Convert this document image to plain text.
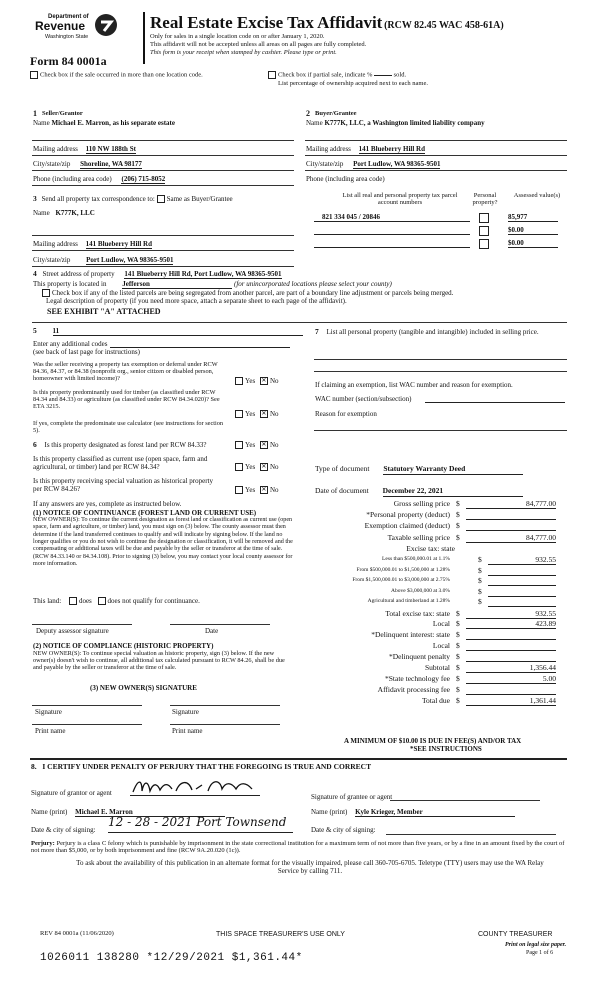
Department of
Revenue
Washington State
Real Estate Excise Tax Affidavit (RCW 82.45 WAC 458-61A)
Only for sales in a single location code on or after January 1, 2020.
This affidavit will not be accepted unless all areas on all pages are fully completed.
This form is your receipt when stamped by cashier. Please type or print.
Form 84 0001a
Check box if the sale occurred in more than one location code.	Check box if partial sale, indicate %	sold.
List percentage of ownership acquired next to each name.
1 Seller/Grantor
Name Michael E. Marron, as his separate estate
Mailing address 110 NW 188th St
City/state/zip Shoreline, WA 98177
Phone (including area code) (206) 715-8052
2 Buyer/Grantee
Name K777K, LLC, a Washington limited liability company
Mailing address 141 Blueberry Hill Rd
City/state/zip Port Ludlow, WA 98365-9501
Phone (including area code)
3 Send all property tax correspondence to: Same as Buyer/Grantee
Name K777K, LLC
Mailing address 141 Blueberry Hill Rd
City/state/zip Port Ludlow, WA 98365-9501
List all real and personal property tax parcel account numbers
Personal property?
Assessed value(s)
821 334 045 / 20846	85,977
$0.00
$0.00
4 Street address of property 141 Blueberry Hill Rd, Port Ludlow, WA 98365-9501
This property is located in Jefferson	(for unincorporated locations please select your county)
Check box if any of the listed parcels are being segregated from another parcel, are part of a boundary line adjustment or parcels being merged.
Legal description of property (if you need more space, attach a separate sheet to each page of the affidavit).
SEE EXHIBIT "A" ATTACHED
5 11
Enter any additional codes
(see back of last page for instructions)
Was the seller receiving a property tax exemption or deferral under RCW 84.36, 84.37, or 84.38 (nonprofit org., senior citizen or disabled person, homeowner with limited income)?	Yes ✕ No
Is this property predominantly used for timber (as classified under RCW 84.34 and 84.33) or agriculture (as classified under RCW 84.34.020)? See ETA 3215.
Yes ✕ No
If yes, complete the predominate use calculator (see instructions for section 5).
6 Is this property designated as forest land per RCW 84.33?	Yes ✕ No
Is this property classified as current use (open space, farm and agricultural, or timber) land per RCW 84.34?	Yes ✕ No
Is this property receiving special valuation as historical property per RCW 84.26?	Yes ✕ No
If any answers are yes, complete as instructed below.
(1) NOTICE OF CONTINUANCE (FOREST LAND OR CURRENT USE)
NEW OWNER(S): To continue the current designation as forest land or classification as current use (open space, farm and agriculture, or timber) land, you must sign on (3) below. The county assessor must then determine if the land transferred continues to qualify and will indicate by signing below. If the land no longer qualifies or you do not wish to continue the designation or classification, it will be removed and the compensating or additional taxes will be due and payable by the seller or transferor at the time of sale. (RCW 84.33.140 or 84.34.108). Prior to signing (3) below, you may contact your local county assessor for more information.
This land:	does does not qualify for continuance.
Deputy assessor signature	Date
(2) NOTICE OF COMPLIANCE (HISTORIC PROPERTY)
NEW OWNER(S): To continue special valuation as historic property, sign (3) below. If the new owner(s) doesn't wish to continue, all additional tax calculated pursuant to RCW 84.26, shall be due and payable by the seller or transferor at the time of sale.
(3) NEW OWNER(S) SIGNATURE
Signature	Signature
Print name	Print name
7 List all personal property (tangible and intangible) included in selling price.
If claiming an exemption, list WAC number and reason for exemption.
WAC number (section/subsection)
Reason for exemption
Type of document Statutory Warranty Deed
Date of document December 22, 2021
Gross selling price $	84,777.00
*Personal property (deduct) $
Exemption claimed (deduct) $
Taxable selling price $	84,777.00
Excise tax: state
Less than $500,000.01 at 1.1%	$	932.55
From $500,000.01 to $1,500,000 at 1.28%	$
From $1,500,000.01 to $3,000,000 at 2.75%	$
Above $3,000,000 at 3.0%	$
Agricultural and timberland at 1.28%	$
Total excise tax: state $	932.55
Local $	423.89
*Delinquent interest: state $
Local $
*Delinquent penalty $
Subtotal $	1,356.44
*State technology fee $	5.00
Affidavit processing fee $
Total due $	1,361.44
A MINIMUM OF $10.00 IS DUE IN FEE(S) AND/OR TAX
*SEE INSTRUCTIONS
8. I CERTIFY UNDER PENALTY OF PERJURY THAT THE FOREGOING IS TRUE AND CORRECT
Signature of grantor or agent	Signature of grantee or agent
Name (print) Michael E. Marron	Name (print) Kyle Krieger, Member
Date & city of signing:
12 - 28 - 2021 Port Townsend
Date & city of signing:
Perjury: Perjury is a class C felony which is punishable by imprisonment in the state correctional institution for a maximum term of not more than five years, or by a fine in an amount fixed by the court of not more than $5,000, or by both imprisonment and fine (RCW 9A.20.020 (1c)).
To ask about the availability of this publication in an alternate format for the visually impaired, please call 360-705-6705. Teletype (TTY) users may use the WA Relay Service by calling 711.
REV 84 0001a (11/06/2020)	THIS SPACE TREASURER'S USE ONLY	COUNTY TREASURER
Print on legal size paper.
Page 1 of 6
1026011 138280 *12/29/2021 $1,361.44*
